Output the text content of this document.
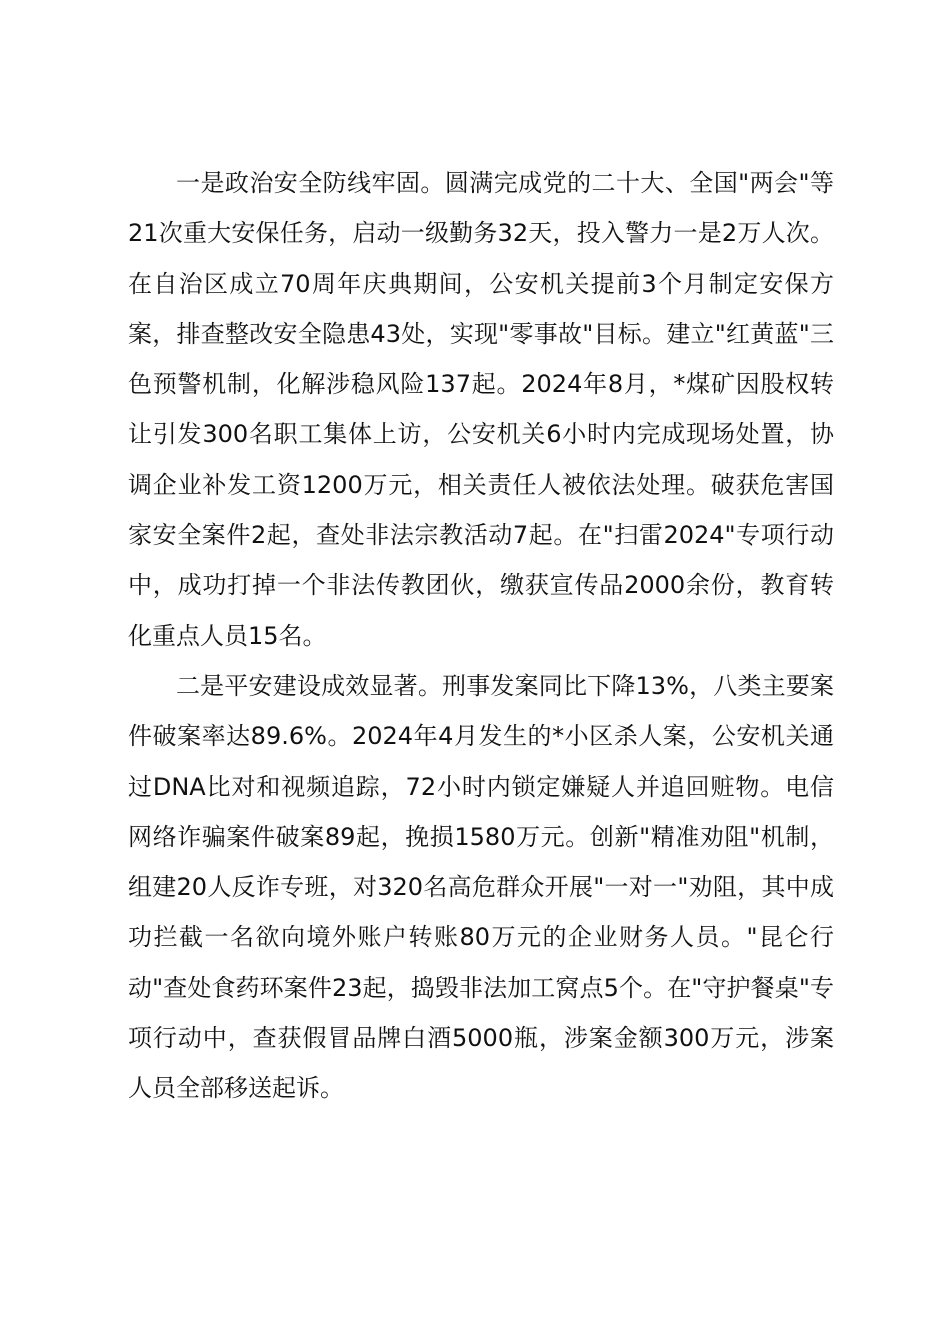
一是政治安全防线牢固。圆满完成党的二十大、全国"两会"等21次重大安保任务，启动一级勤务32天，投入警力一是2万人次。在自治区成立70周年庆典期间，公安机关提前3个月制定安保方案，排查整改安全隐患43处，实现"零事故"目标。建立"红黄蓝"三色预警机制，化解涉稳风险137起。2024年8月，*煤矿因股权转让引发300名职工集体上访，公安机关6小时内完成现场处置，协调企业补发工资1200万元，相关责任人被依法处理。破获危害国家安全案件2起，查处非法宗教活动7起。在"扫雷2024"专项行动中，成功打掉一个非法传教团伙，缴获宣传品2000余份，教育转化重点人员15名。

二是平安建设成效显著。刑事发案同比下降13%，八类主要案件破案率达89.6%。2024年4月发生的*小区杀人案，公安机关通过DNA比对和视频追踪，72小时内锁定嫌疑人并追回赃物。电信网络诈骗案件破案89起，挽损1580万元。创新"精准劝阻"机制，组建20人反诈专班，对320名高危群众开展"一对一"劝阻，其中成功拦截一名欲向境外账户转账80万元的企业财务人员。"昆仑行动"查处食药环案件23起，捣毁非法加工窝点5个。在"守护餐桌"专项行动中，查获假冒品牌白酒5000瓶，涉案金额300万元，涉案人员全部移送起诉。
